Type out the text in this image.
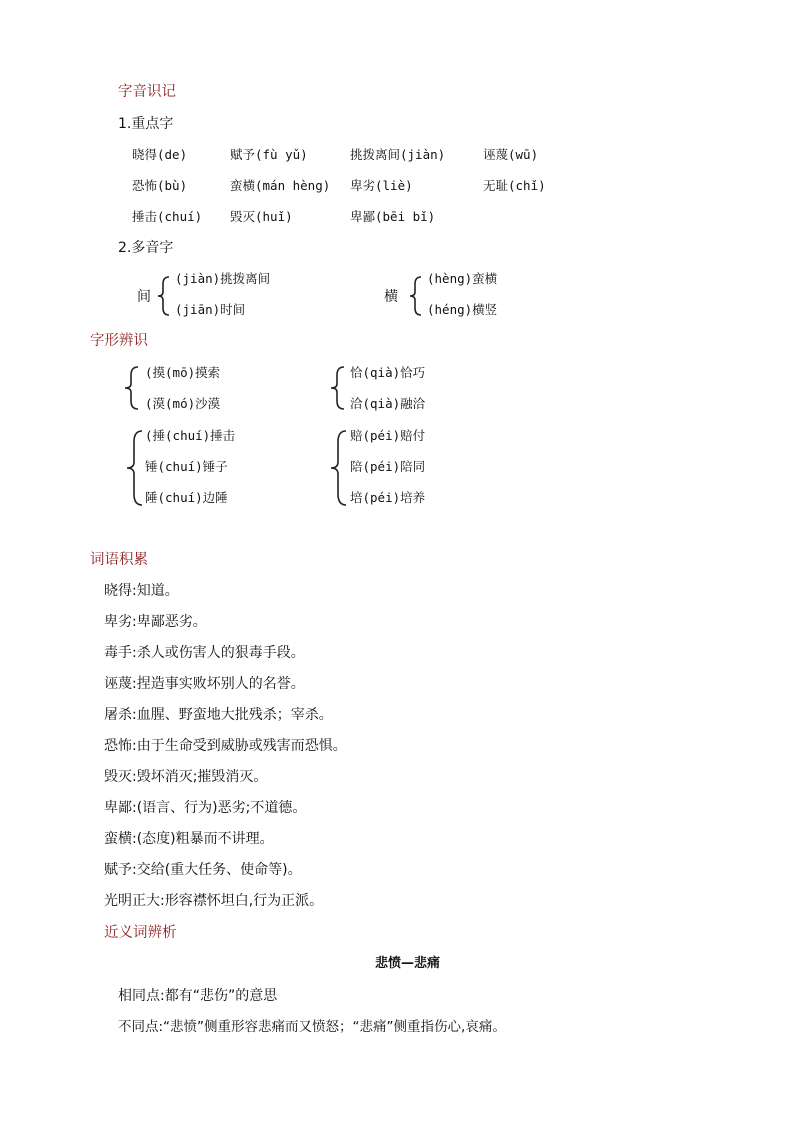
字音识记
1.重点字
晓得(de)	赋予(fù yǔ)	挑拨离间(jiàn)	诬蔑(wū)
恐怖(bù)	蛮横(mán hèng) 卑劣(liè)	无耻(chǐ)
捶击(chuí) 毁灭(huǐ)	卑鄙(bēi bǐ)
2.多音字
间
(jiàn)挑拨离间
(jiān)时间
横
(hèng)蛮横
(héng)横竖
字形辨识
(摸(mō)摸索
(漠(mó)沙漠
恰(qià)恰巧
洽(qià)融洽
(捶(chuí)捶击
锤(chuí)锤子
陲(chuí)边陲
赔(péi)赔付
陪(péi)陪同
培(péi)培养
词语积累
晓得:知道。
卑劣:卑鄙恶劣。
毒手:杀人或伤害人的狠毒手段。
诬蔑:捏造事实败坏别人的名誉。
屠杀:血腥、野蛮地大批残杀；宰杀。
恐怖:由于生命受到威胁或残害而恐惧。
毁灭:毁坏消灭;摧毁消灭。
卑鄙:(语言、行为)恶劣;不道德。
蛮横:(态度)粗暴而不讲理。
赋予:交给(重大任务、使命等)。
光明正大:形容襟怀坦白,行为正派。
近义词辨析
悲愤—悲痛
相同点:都有“悲伤”的意思
不同点:“悲愤”侧重形容悲痛而又愤怒；“悲痛”侧重指伤心,哀痛。
